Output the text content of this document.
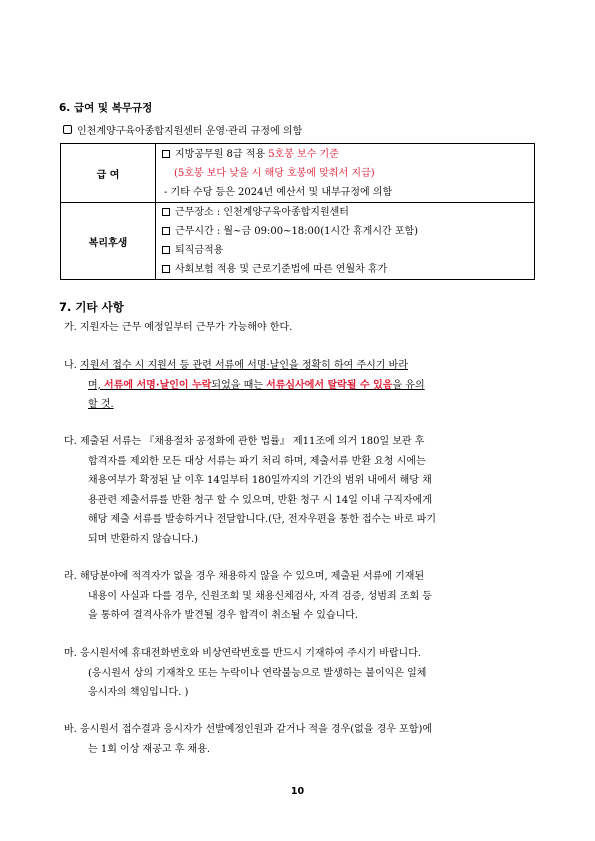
6. 급여 및 복무규정
인천계양구육아종합지원센터 운영·관리 규정에 의함
급 여	지방공무원 8급 적용 5호봉 보수 기준
(5호봉 보다 낮을 시 해당 호봉에 맞춰서 지급)
- 기타 수당 등은 2024년 예산서 및 내부규정에 의함

복리후생	근무장소 : 인천계양구육아종합지원센터
근무시간 : 월~금 09:00~18:00(1시간 휴게시간 포함)
퇴직금적용
사회보험 적용 및 근로기준법에 따른 연월차 휴가
7. 기타 사항
가. 지원자는 근무 예정일부터 근무가 가능해야 한다.
나. 지원서 접수 시 지원서 등 관련 서류에 서명·날인을 정확히 하여 주시기 바라
며, 서류에 서명·날인이 누락되었을 때는 서류심사에서 탈락될 수 있음을 유의
할 것.
다. 제출된 서류는 『채용절차 공정화에 관한 법률』 제11조에 의거 180일 보관 후
합격자를 제외한 모든 대상 서류는 파기 처리 하며, 제출서류 반환 요청 시에는
채용여부가 확정된 날 이후 14일부터 180일까지의 기간의 범위 내에서 해당 채
용관련 제출서류를 반환 청구 할 수 있으며, 반환 청구 시 14일 이내 구직자에게
해당 제출 서류를 발송하거나 전달합니다.(단, 전자우편을 통한 접수는 바로 파기
되며 반환하지 않습니다.)
라. 해당분야에 적격자가 없을 경우 채용하지 않을 수 있으며, 제출된 서류에 기재된
내용이 사실과 다를 경우, 신원조회 및 채용신체검사, 자격 검증, 성범죄 조회 등
을 통하여 결격사유가 발견될 경우 합격이 취소될 수 있습니다.
마. 응시원서에 휴대전화번호와 비상연락번호를 반드시 기재하여 주시기 바랍니다.
(응시원서 상의 기재착오 또는 누락이나 연락불능으로 발생하는 불이익은 일체
응시자의 책임입니다. )
바. 응시원서 접수결과 응시자가 선발예정인원과 같거나 적을 경우(없을 경우 포함)에
는 1회 이상 재공고 후 채용.
10
